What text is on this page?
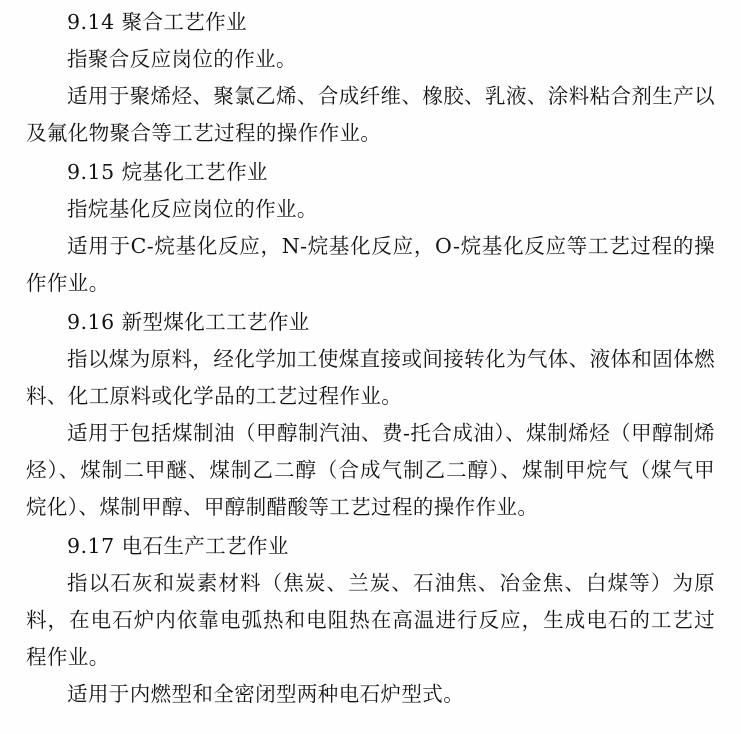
9.14 聚合工艺作业

指聚合反应岗位的作业。

适用于聚烯烃、聚氯乙烯、合成纤维、橡胶、乳液、涂料粘合剂生产以及氟化物聚合等工艺过程的操作作业。

9.15 烷基化工艺作业

指烷基化反应岗位的作业。

适用于C-烷基化反应，N-烷基化反应，O-烷基化反应等工艺过程的操作作业。

9.16 新型煤化工工艺作业

指以煤为原料，经化学加工使煤直接或间接转化为气体、液体和固体燃料、化工原料或化学品的工艺过程作业。

适用于包括煤制油（甲醇制汽油、费-托合成油）、煤制烯烃（甲醇制烯烃）、煤制二甲醚、煤制乙二醇（合成气制乙二醇）、煤制甲烷气（煤气甲烷化）、煤制甲醇、甲醇制醋酸等工艺过程的操作作业。

9.17 电石生产工艺作业

指以石灰和炭素材料（焦炭、兰炭、石油焦、冶金焦、白煤等）为原料，在电石炉内依靠电弧热和电阻热在高温进行反应，生成电石的工艺过程作业。

适用于内燃型和全密闭型两种电石炉型式。
